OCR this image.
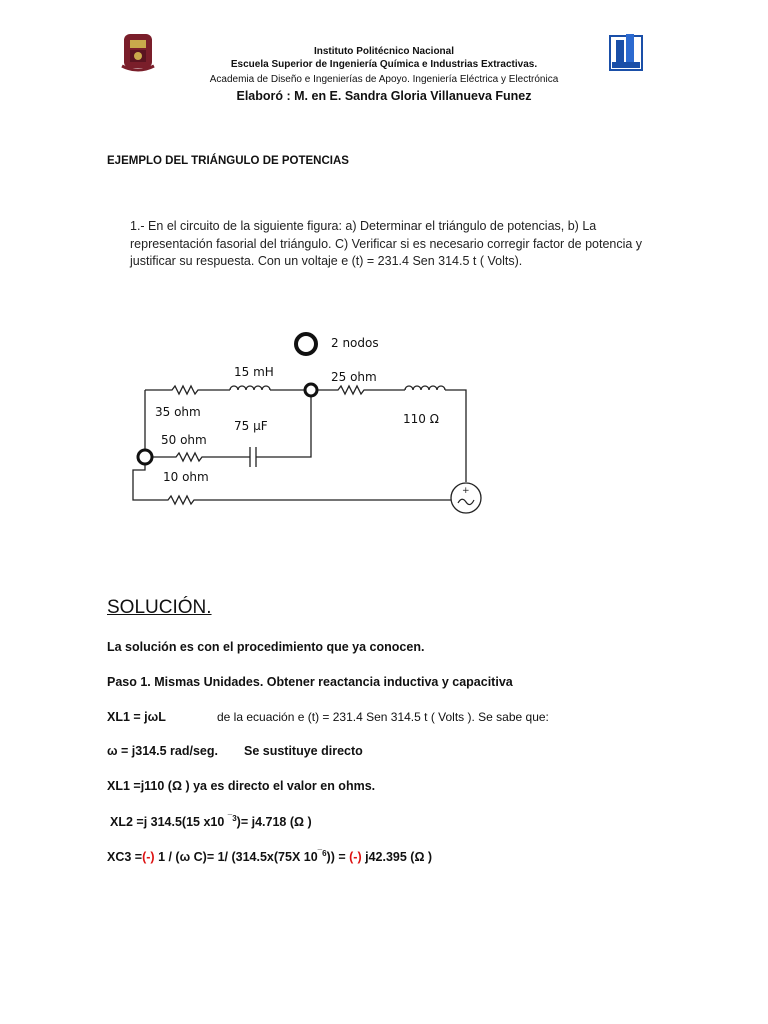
Instituto Politécnico Nacional
Escuela Superior de Ingeniería Química e Industrias Extractivas.
Academia de Diseño e Ingenierías de Apoyo. Ingeniería Eléctrica y Electrónica
Elaboró : M. en E. Sandra Gloria Villanueva Funez
EJEMPLO DEL TRIÁNGULO DE POTENCIAS
1.- En el circuito de la siguiente figura: a) Determinar el triángulo de potencias, b) La representación fasorial del triángulo. C) Verificar si es necesario corregir factor de potencia y justificar su respuesta. Con un voltaje e (t) = 231.4 Sen 314.5 t ( Volts).
+
2 nodos
15 mH	25 ohm
35 ohm
75 μF
50 ohm
10 ohm
110 Ω
SOLUCIÓN.
La solución es con el procedimiento que ya conocen.
Paso 1. Mismas Unidades. Obtener reactancia inductiva y capacitiva
XL1 = jωL	de la ecuación e (t) = 231.4 Sen 314.5 t ( Volts ). Se sabe que:
ω = j314.5 rad/seg. Se sustituye directo
XL1 =j110 (Ω ) ya es directo el valor en ohms.
XL2 =j 314.5(15 x10 $^{¯3}$)= j4.718 (Ω )
XC3 =(-) 1 / (ω C)= 1/ (314.5x(75X $10^{¯6}$)) = (-) j42.395 (Ω )
